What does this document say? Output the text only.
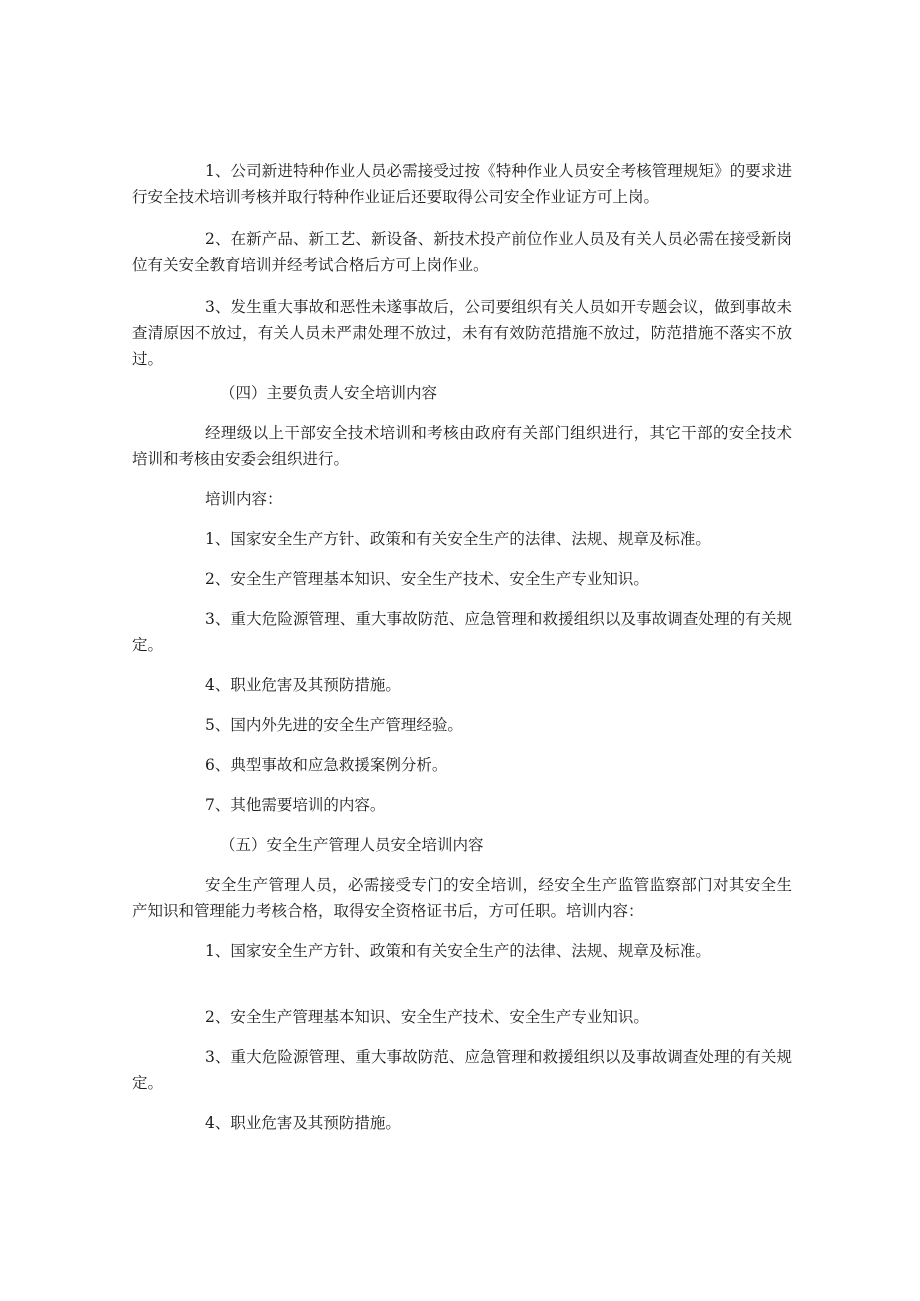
1、公司新进特种作业人员必需接受过按《特种作业人员安全考核管理规矩》的要求进行安全技术培训考核并取行特种作业证后还要取得公司安全作业证方可上岗。

2、在新产品、新工艺、新设备、新技术投产前位作业人员及有关人员必需在接受新岗位有关安全教育培训并经考试合格后方可上岗作业。

3、发生重大事故和恶性未遂事故后，公司要组织有关人员如开专题会议，做到事故未查清原因不放过，有关人员未严肃处理不放过，未有有效防范措施不放过，防范措施不落实不放过。

（四）主要负责人安全培训内容

经理级以上干部安全技术培训和考核由政府有关部门组织进行，其它干部的安全技术培训和考核由安委会组织进行。

培训内容：

1、国家安全生产方针、政策和有关安全生产的法律、法规、规章及标准。

2、安全生产管理基本知识、安全生产技术、安全生产专业知识。

3、重大危险源管理、重大事故防范、应急管理和救援组织以及事故调查处理的有关规定。

4、职业危害及其预防措施。

5、国内外先进的安全生产管理经验。

6、典型事故和应急救援案例分析。

7、其他需要培训的内容。

（五）安全生产管理人员安全培训内容

安全生产管理人员，必需接受专门的安全培训，经安全生产监管监察部门对其安全生产知识和管理能力考核合格，取得安全资格证书后，方可任职。培训内容：

1、国家安全生产方针、政策和有关安全生产的法律、法规、规章及标准。

2、安全生产管理基本知识、安全生产技术、安全生产专业知识。

3、重大危险源管理、重大事故防范、应急管理和救援组织以及事故调查处理的有关规定。

4、职业危害及其预防措施。
